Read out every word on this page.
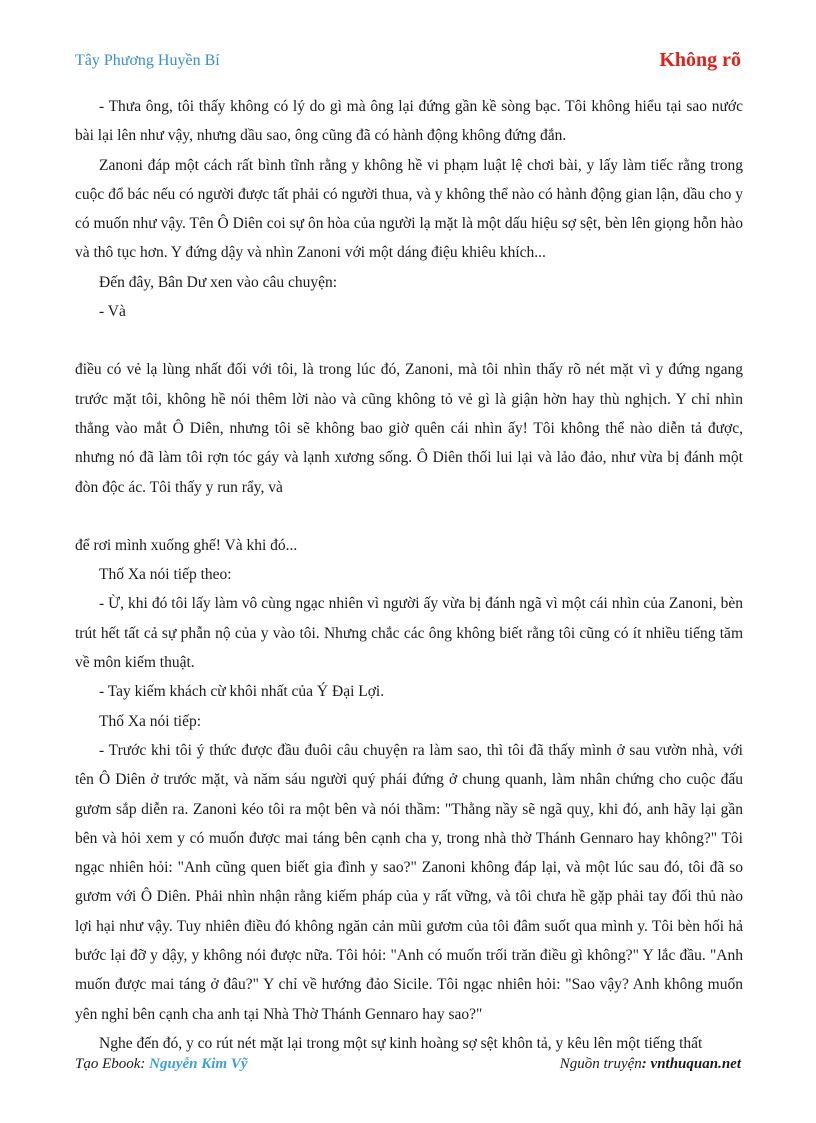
Tây Phương Huyền Bí	Không rõ

- Thưa ông, tôi thấy không có lý do gì mà ông lại đứng gần kề sòng bạc. Tôi không hiểu tại sao nước bài lại lên như vậy, nhưng dầu sao, ông cũng đã có hành động không đứng đắn.

Zanoni đáp một cách rất bình tĩnh rằng y không hề vi phạm luật lệ chơi bài, y lấy làm tiếc rằng trong cuộc đổ bác nếu có người được tất phải có người thua, và y không thể nào có hành động gian lận, dầu cho y có muốn như vậy. Tên Ô Diên coi sự ôn hòa của người lạ mặt là một dấu hiệu sợ sệt, bèn lên giọng hỗn hào và thô tục hơn. Y đứng dậy và nhìn Zanoni với một dáng điệu khiêu khích...

Đến đây, Bân Dư xen vào câu chuyện:

- Và

điều có vẻ lạ lùng nhất đối với tôi, là trong lúc đó, Zanoni, mà tôi nhìn thấy rõ nét mặt vì y đứng ngang trước mặt tôi, không hề nói thêm lời nào và cũng không tỏ vẻ gì là giận hờn hay thù nghịch. Y chỉ nhìn thẳng vào mắt Ô Diên, nhưng tôi sẽ không bao giờ quên cái nhìn ấy! Tôi không thể nào diễn tả được, nhưng nó đã làm tôi rợn tóc gáy và lạnh xương sống. Ô Diên thối lui lại và lảo đảo, như vừa bị đánh một đòn độc ác. Tôi thấy y run rẩy, và

để rơi mình xuống ghế! Và khi đó...

Thố Xa nói tiếp theo:

- Ừ, khi đó tôi lấy làm vô cùng ngạc nhiên vì người ấy vừa bị đánh ngã vì một cái nhìn của Zanoni, bèn trút hết tất cả sự phẫn nộ của y vào tôi. Nhưng chắc các ông không biết rằng tôi cũng có ít nhiều tiếng tăm về môn kiếm thuật.

- Tay kiếm khách cừ khôi nhất của Ý Đại Lợi.

Thố Xa nói tiếp:

- Trước khi tôi ý thức được đầu đuôi câu chuyện ra làm sao, thì tôi đã thấy mình ở sau vườn nhà, với tên Ô Diên ở trước mặt, và năm sáu người quý phái đứng ở chung quanh, làm nhân chứng cho cuộc đấu gươm sắp diễn ra. Zanoni kéo tôi ra một bên và nói thầm: "Thằng nầy sẽ ngã quỵ, khi đó, anh hãy lại gần bên và hỏi xem y có muốn được mai táng bên cạnh cha y, trong nhà thờ Thánh Gennaro hay không?" Tôi ngạc nhiên hỏi: "Anh cũng quen biết gia đình y sao?" Zanoni không đáp lại, và một lúc sau đó, tôi đã so gươm với Ô Diên. Phải nhìn nhận rằng kiếm pháp của y rất vững, và tôi chưa hề gặp phải tay đối thủ nào lợi hại như vậy. Tuy nhiên điều đó không ngăn cản mũi gươm của tôi đâm suốt qua mình y. Tôi bèn hối hả bước lại đỡ y dậy, y không nói được nữa. Tôi hỏi: "Anh có muốn trối trăn điều gì không?" Y lắc đầu. "Anh muốn được mai táng ở đâu?" Y chỉ về hướng đảo Sicile. Tôi ngạc nhiên hỏi: "Sao vậy? Anh không muốn yên nghỉ bên cạnh cha anh tại Nhà Thờ Thánh Gennaro hay sao?"

Nghe đến đó, y co rút nét mặt lại trong một sự kinh hoàng sợ sệt khôn tả, y kêu lên một tiếng thất

Tạo Ebook: Nguyễn Kim Vỹ	Nguồn truyện: vnthuquan.net
